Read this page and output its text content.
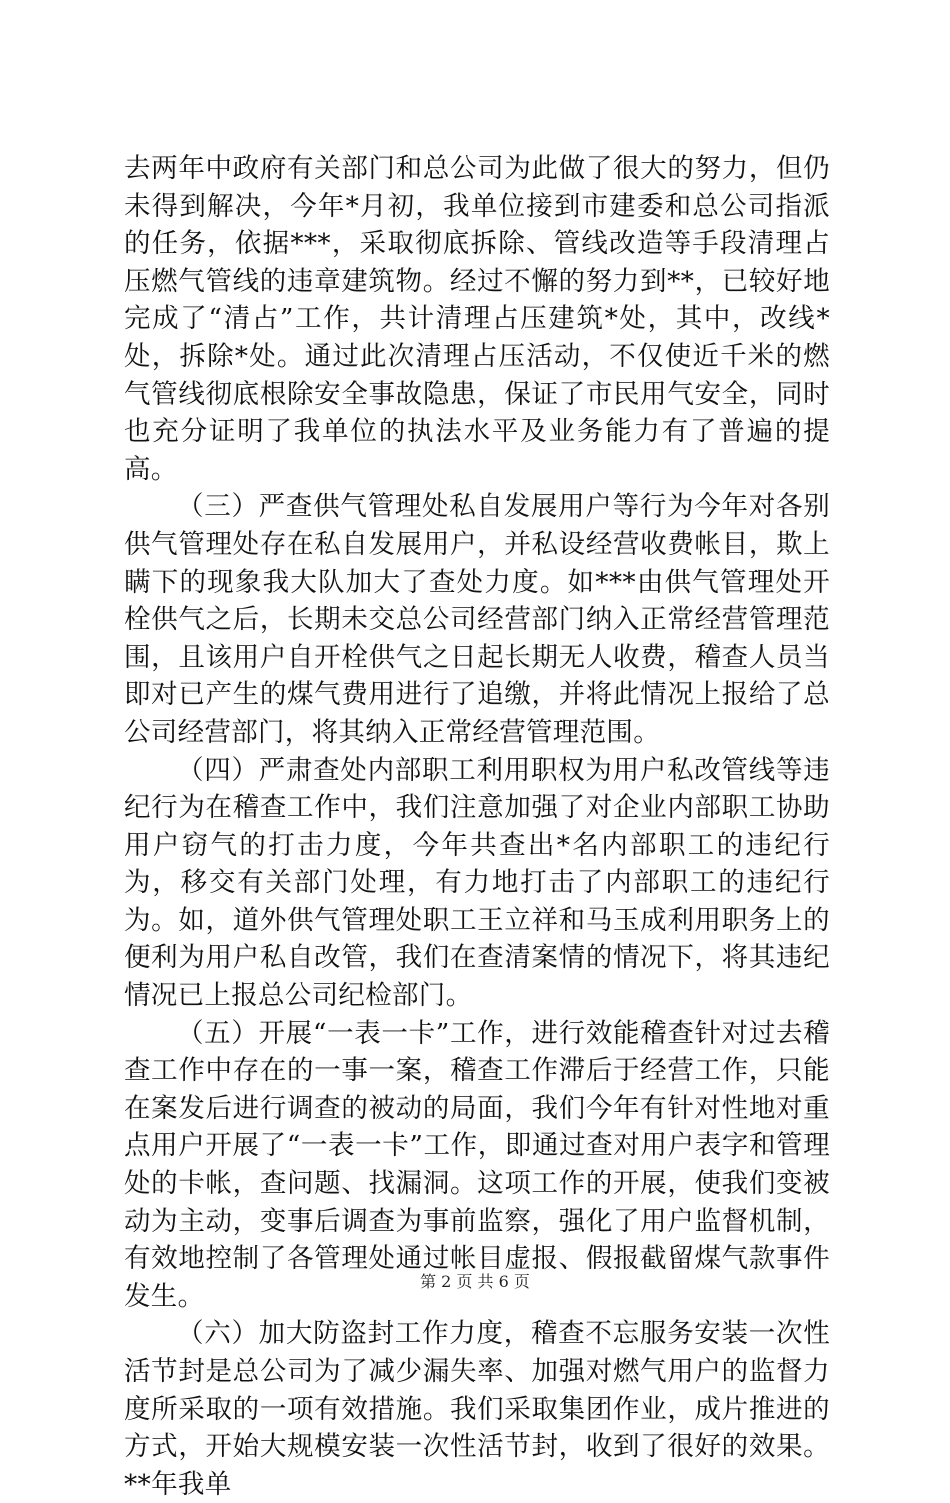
去两年中政府有关部门和总公司为此做了很大的努力，但仍未得到解决，今年*月初，我单位接到市建委和总公司指派的任务，依据***，采取彻底拆除、管线改造等手段清理占压燃气管线的违章建筑物。经过不懈的努力到**，已较好地完成了“清占”工作，共计清理占压建筑*处，其中，改线*处，拆除*处。通过此次清理占压活动，不仅使近千米的燃气管线彻底根除安全事故隐患，保证了市民用气安全，同时也充分证明了我单位的执法水平及业务能力有了普遍的提高。

（三）严查供气管理处私自发展用户等行为今年对各别供气管理处存在私自发展用户，并私设经营收费帐目，欺上瞒下的现象我大队加大了查处力度。如***由供气管理处开栓供气之后，长期未交总公司经营部门纳入正常经营管理范围，且该用户自开栓供气之日起长期无人收费，稽查人员当即对已产生的煤气费用进行了追缴，并将此情况上报给了总公司经营部门，将其纳入正常经营管理范围。

（四）严肃查处内部职工利用职权为用户私改管线等违纪行为在稽查工作中，我们注意加强了对企业内部职工协助用户窃气的打击力度，今年共查出*名内部职工的违纪行为，移交有关部门处理，有力地打击了内部职工的违纪行为。如，道外供气管理处职工王立祥和马玉成利用职务上的便利为用户私自改管，我们在查清案情的情况下，将其违纪情况已上报总公司纪检部门。

（五）开展“一表一卡”工作，进行效能稽查针对过去稽查工作中存在的一事一案，稽查工作滞后于经营工作，只能在案发后进行调查的被动的局面，我们今年有针对性地对重点用户开展了“一表一卡”工作，即通过查对用户表字和管理处的卡帐，查问题、找漏洞。这项工作的开展，使我们变被动为主动，变事后调查为事前监察，强化了用户监督机制，有效地控制了各管理处通过帐目虚报、假报截留煤气款事件发生。

（六）加大防盗封工作力度，稽查不忘服务安装一次性活节封是总公司为了减少漏失率、加强对燃气用户的监督力度所采取的一项有效措施。我们采取集团作业，成片推进的方式，开始大规模安装一次性活节封，收到了很好的效果。**年我单

第 2 页 共 6 页
